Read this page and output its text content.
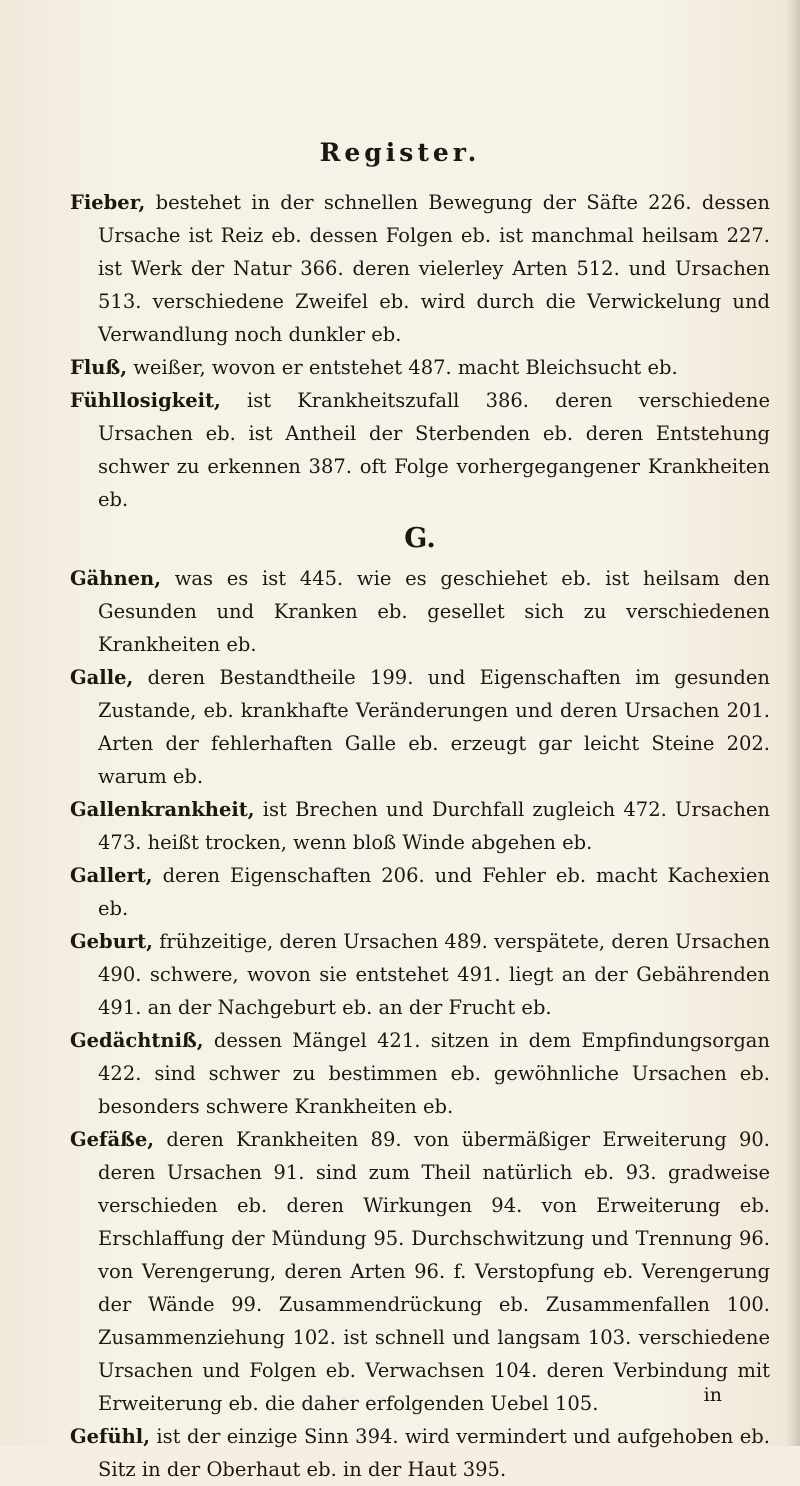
Register.

Fieber, bestehet in der schnellen Bewegung der Säfte 226. dessen Ursache ist Reiz eb. dessen Folgen eb. ist manchmal heilsam 227. ist Werk der Natur 366. deren vielerley Arten 512. und Ursachen 513. verschiedene Zweifel eb. wird durch die Verwickelung und Verwandlung noch dunkler eb.

Fluß, weißer, wovon er entstehet 487. macht Bleichsucht eb.

Fühllosigkeit, ist Krankheitszufall 386. deren verschiedene Ursachen eb. ist Antheil der Sterbenden eb. deren Entstehung schwer zu erkennen 387. oft Folge vorhergegangener Krankheiten eb.

G.

Gähnen, was es ist 445. wie es geschiehet eb. ist heilsam den Gesunden und Kranken eb. gesellet sich zu verschiedenen Krankheiten eb.

Galle, deren Bestandtheile 199. und Eigenschaften im gesunden Zustande, eb. krankhafte Veränderungen und deren Ursachen 201. Arten der fehlerhaften Galle eb. erzeugt gar leicht Steine 202. warum eb.

Gallenkrankheit, ist Brechen und Durchfall zugleich 472. Ursachen 473. heißt trocken, wenn bloß Winde abgehen eb.

Gallert, deren Eigenschaften 206. und Fehler eb. macht Kachexien eb.

Geburt, frühzeitige, deren Ursachen 489. verspätete, deren Ursachen 490. schwere, wovon sie entstehet 491. liegt an der Gebährenden 491. an der Nachgeburt eb. an der Frucht eb.

Gedächtniß, dessen Mängel 421. sitzen in dem Empfindungsorgan 422. sind schwer zu bestimmen eb. gewöhnliche Ursachen eb. besonders schwere Krankheiten eb.

Gefäße, deren Krankheiten 89. von übermäßiger Erweiterung 90. deren Ursachen 91. sind zum Theil natürlich eb. 93. gradweise verschieden eb. deren Wirkungen 94. von Erweiterung eb. Erschlaffung der Mündung 95. Durchschwitzung und Trennung 96. von Verengerung, deren Arten 96. f. Verstopfung eb. Verengerung der Wände 99. Zusammendrückung eb. Zusammenfallen 100. Zusammenziehung 102. ist schnell und langsam 103. verschiedene Ursachen und Folgen eb. Verwachsen 104. deren Verbindung mit Erweiterung eb. die daher erfolgenden Uebel 105.

Gefühl, ist der einzige Sinn 394. wird vermindert und aufgehoben eb. Sitz in der Oberhaut eb. in der Haut 395.

in
